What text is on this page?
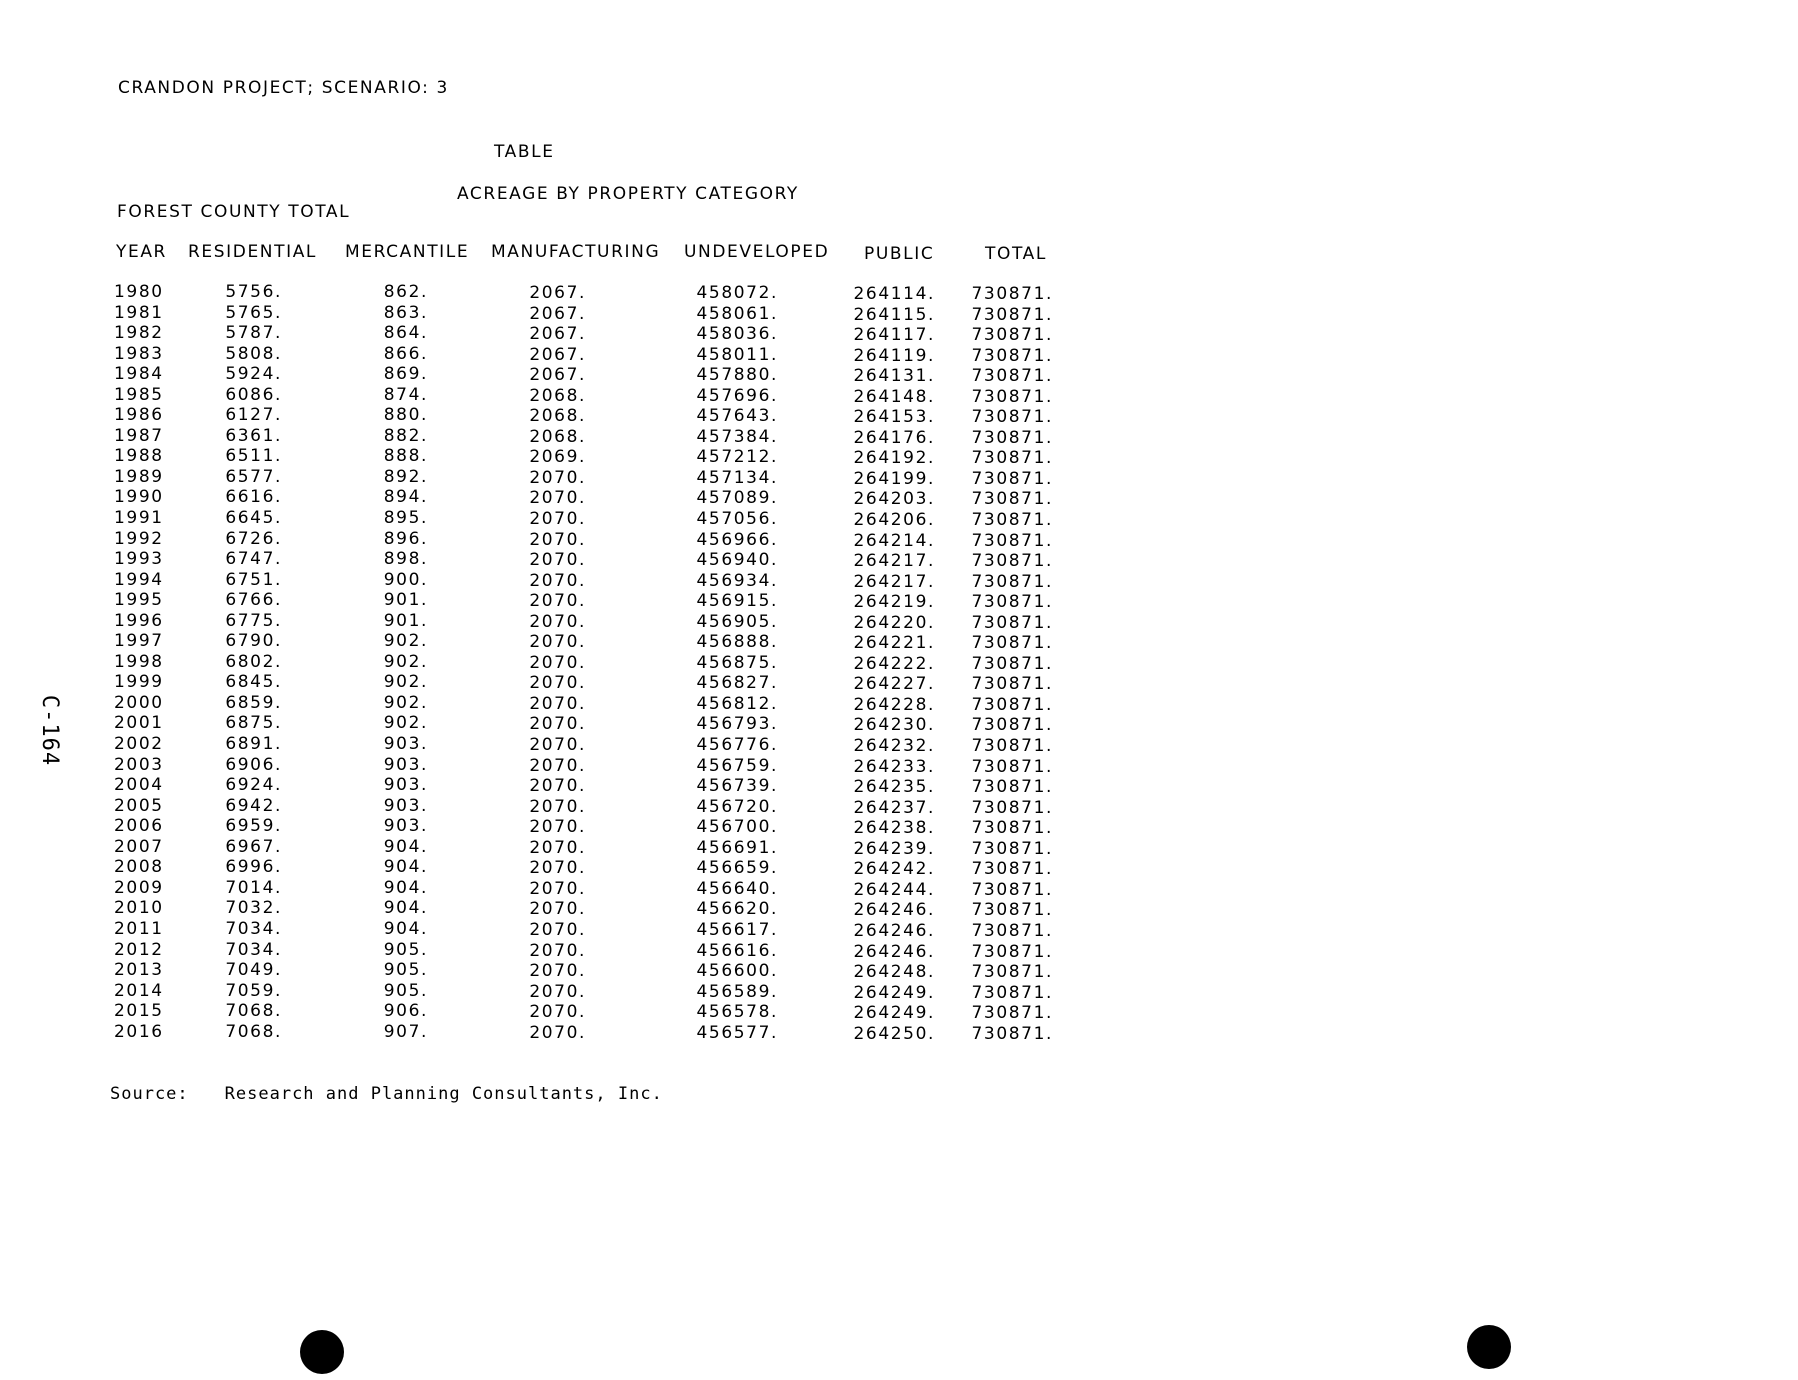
CRANDON PROJECT; SCENARIO: 3
TABLE
ACREAGE BY PROPERTY CATEGORY
FOREST COUNTY TOTAL
YEAR RESIDENTIAL MERCANTILE MANUFACTURING UNDEVELOPED PUBLIC	TOTAL
1980	5756.	862.	2067.	458072.	264114. 730871.
1981	5765.	863.	2067.	458061.	264115. 730871.
1982	5787.	864.	2067.	458036.	264117. 730871.
1983	5808.	866.	2067.	458011.	264119. 730871.
1984	5924.	869.	2067.	457880.	264131. 730871.
1985	6086.	874.	2068.	457696.	264148. 730871.
1986	6127.	880.	2068.	457643.	264153. 730871.
1987	6361.	882.	2068.	457384.	264176. 730871.
1988	6511.	888.	2069.	457212.	264192. 730871.
1989	6577.	892.	2070.	457134.	264199. 730871.
1990	6616.	894.	2070.	457089.	264203. 730871.
1991	6645.	895.	2070.	457056.	264206. 730871.
1992	6726.	896.	2070.	456966.	264214. 730871.
1993	6747.	898.	2070.	456940.	264217. 730871.
1994	6751.	900.	2070.	456934.	264217. 730871.
1995	6766.	901.	2070.	456915.	264219. 730871.
1996	6775.	901.	2070.	456905.	264220. 730871.
1997	6790.	902.	2070.	456888.	264221. 730871.
1998	6802.	902.	2070.	456875.	264222. 730871.
1999	6845.	902.	2070.	456827.	264227. 730871.
2000	6859.	902.	2070.	456812.	264228. 730871.
2001	6875.	902.	2070.	456793.	264230. 730871.
2002	6891.	903.	2070.	456776.	264232. 730871.
2003	6906.	903.	2070.	456759.	264233. 730871.
2004	6924.	903.	2070.	456739.	264235. 730871.
2005	6942.	903.	2070.	456720.	264237. 730871.
2006	6959.	903.	2070.	456700.	264238. 730871.
2007	6967.	904.	2070.	456691.	264239. 730871.
2008	6996.	904.	2070.	456659.	264242. 730871.
2009	7014.	904.	2070.	456640.	264244. 730871.
2010	7032.	904.	2070.	456620.	264246. 730871.
2011	7034.	904.	2070.	456617.	264246. 730871.
2012	7034.	905.	2070.	456616.	264246. 730871.
2013	7049.	905.	2070.	456600.	264248. 730871.
2014	7059.	905.	2070.	456589.	264249. 730871.
2015	7068.	906.	2070.	456578.	264249. 730871.
2016	7068.	907.	2070.	456577.	264250. 730871.
Source: Research and Planning Consultants, Inc.
C-164
